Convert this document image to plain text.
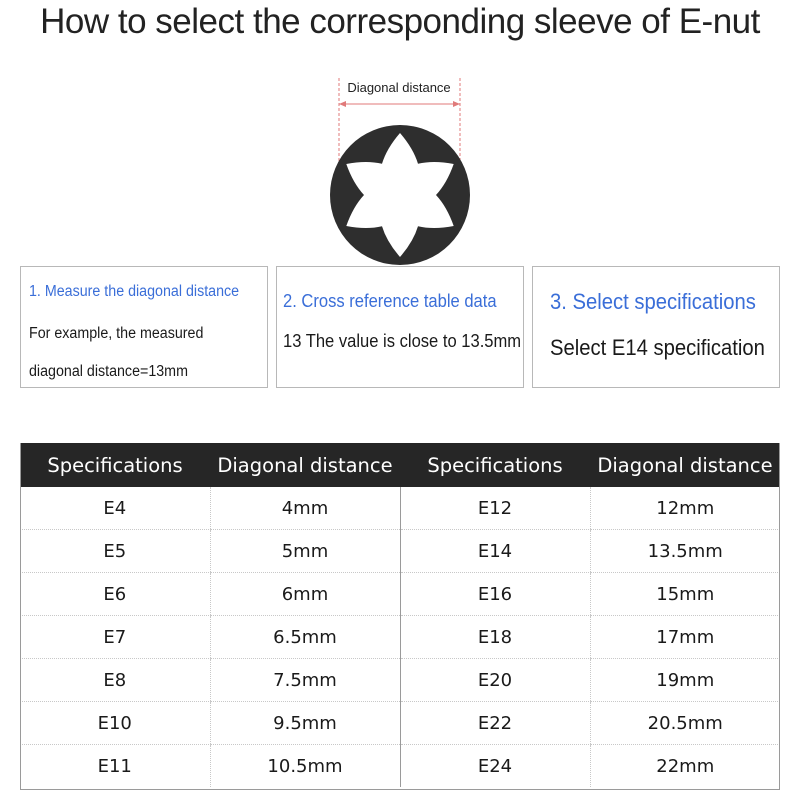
How to select the corresponding sleeve of E-nut
Diagonal distance
1. Measure the diagonal distance
For example, the measured diagonal distance=13mm
2. Cross reference table data
13 The value is close to 13.5mm
3. Select specifications
Select E14 specification
Specifications	Diagonal distance	Specifications	Diagonal distance
E4	4mm	E12	12mm
E5	5mm	E14	13.5mm
E6	6mm	E16	15mm
E7	6.5mm	E18	17mm
E8	7.5mm	E20	19mm
E10	9.5mm	E22	20.5mm
E11	10.5mm	E24	22mm
